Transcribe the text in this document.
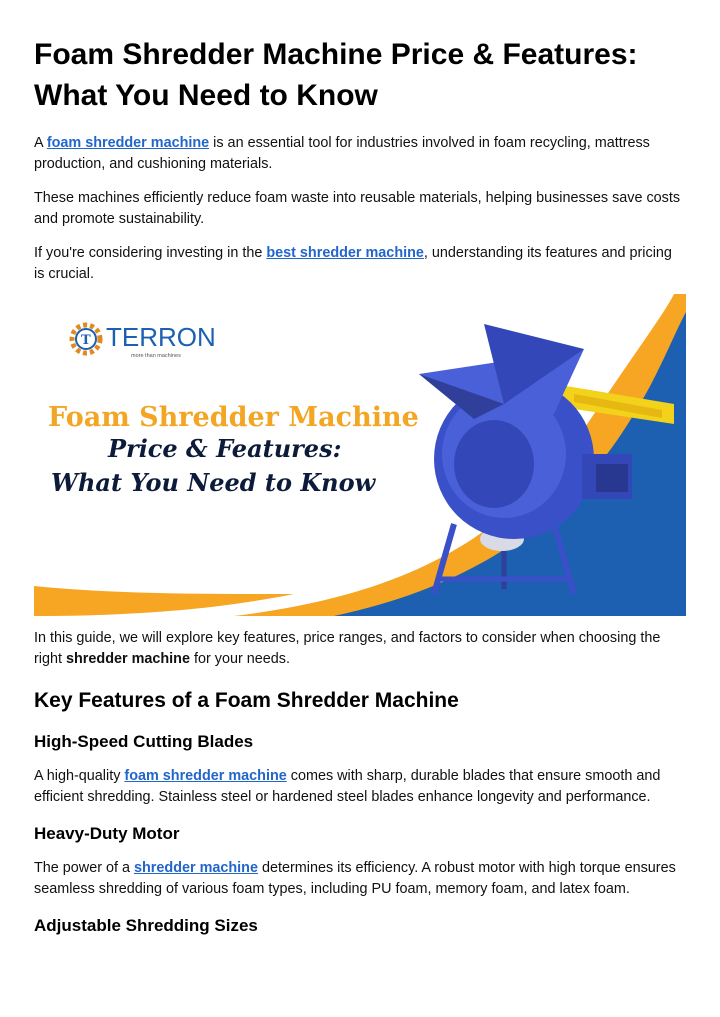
Foam Shredder Machine Price & Features:
What You Need to Know

A foam shredder machine is an essential tool for industries involved in foam recycling, mattress production, and cushioning materials.

These machines efficiently reduce foam waste into reusable materials, helping businesses save costs and promote sustainability.

If you're considering investing in the best shredder machine, understanding its features and pricing is crucial.

T TERRON
more than machines
Foam Shredder Machine
Price & Features:
What You Need to Know

In this guide, we will explore key features, price ranges, and factors to consider when choosing the right shredder machine for your needs.

Key Features of a Foam Shredder Machine
High-Speed Cutting Blades

A high-quality foam shredder machine comes with sharp, durable blades that ensure smooth and efficient shredding. Stainless steel or hardened steel blades enhance longevity and performance.

Heavy-Duty Motor

The power of a shredder machine determines its efficiency. A robust motor with high torque ensures seamless shredding of various foam types, including PU foam, memory foam, and latex foam.

Adjustable Shredding Sizes
